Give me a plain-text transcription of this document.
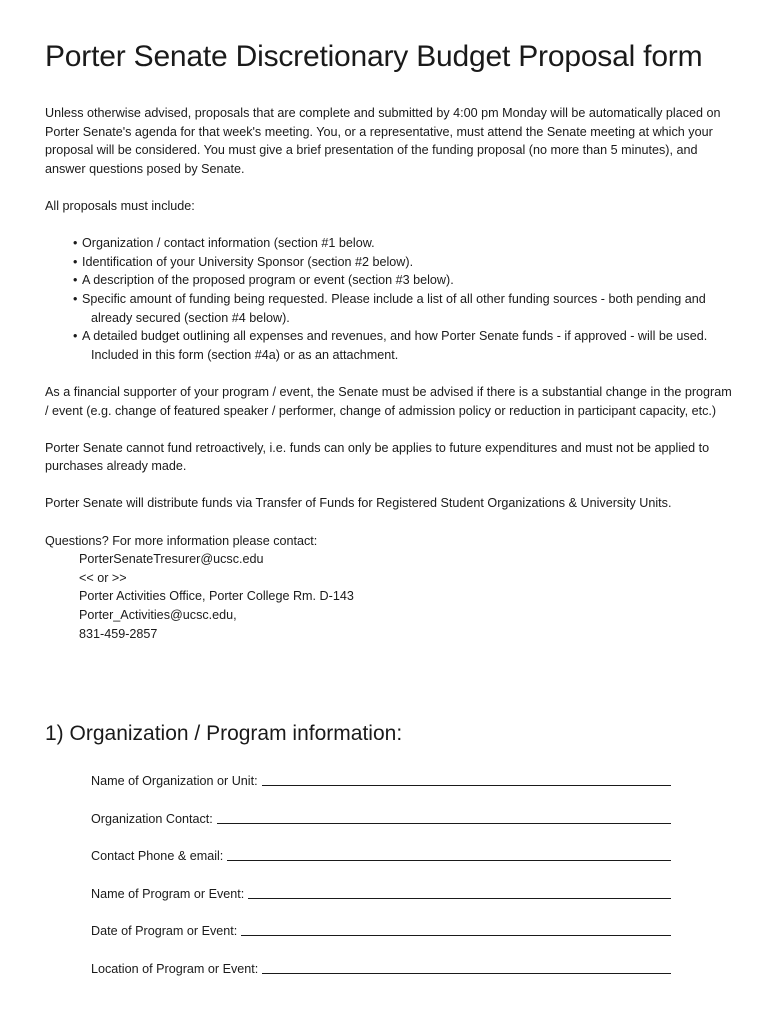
Porter Senate Discretionary Budget Proposal form

Unless otherwise advised, proposals that are complete and submitted by 4:00 pm Monday will be automatically placed on Porter Senate's agenda for that week's meeting. You, or a representative, must attend the Senate meeting at which your proposal will be considered. You must give a brief presentation of the funding proposal (no more than 5 minutes), and answer questions posed by Senate.

All proposals must include:

• Organization / contact information (section #1 below.
• Identification of your University Sponsor (section #2 below).
• A description of the proposed program or event (section #3 below).
• Specific amount of funding being requested. Please include a list of all other funding sources - both pending and already secured (section #4 below).
• A detailed budget outlining all expenses and revenues, and how Porter Senate funds - if approved - will be used. Included in this form (section #4a) or as an attachment.

As a financial supporter of your program / event, the Senate must be advised if there is a substantial change in the program / event (e.g. change of featured speaker / performer, change of admission policy or reduction in participant capacity, etc.)

Porter Senate cannot fund retroactively, i.e. funds can only be applies to future expenditures and must not be applied to purchases already made.

Porter Senate will distribute funds via Transfer of Funds for Registered Student Organizations & University Units.

Questions? For more information please contact:
PorterSenateTresurer@ucsc.edu
<< or >>
Porter Activities Office, Porter College Rm. D-143
Porter_Activities@ucsc.edu,
831-459-2857
1) Organization / Program information:
Name of Organization or Unit:
Organization Contact:
Contact Phone & email:
Name of Program or Event:
Date of Program or Event:
Location of Program or Event:
